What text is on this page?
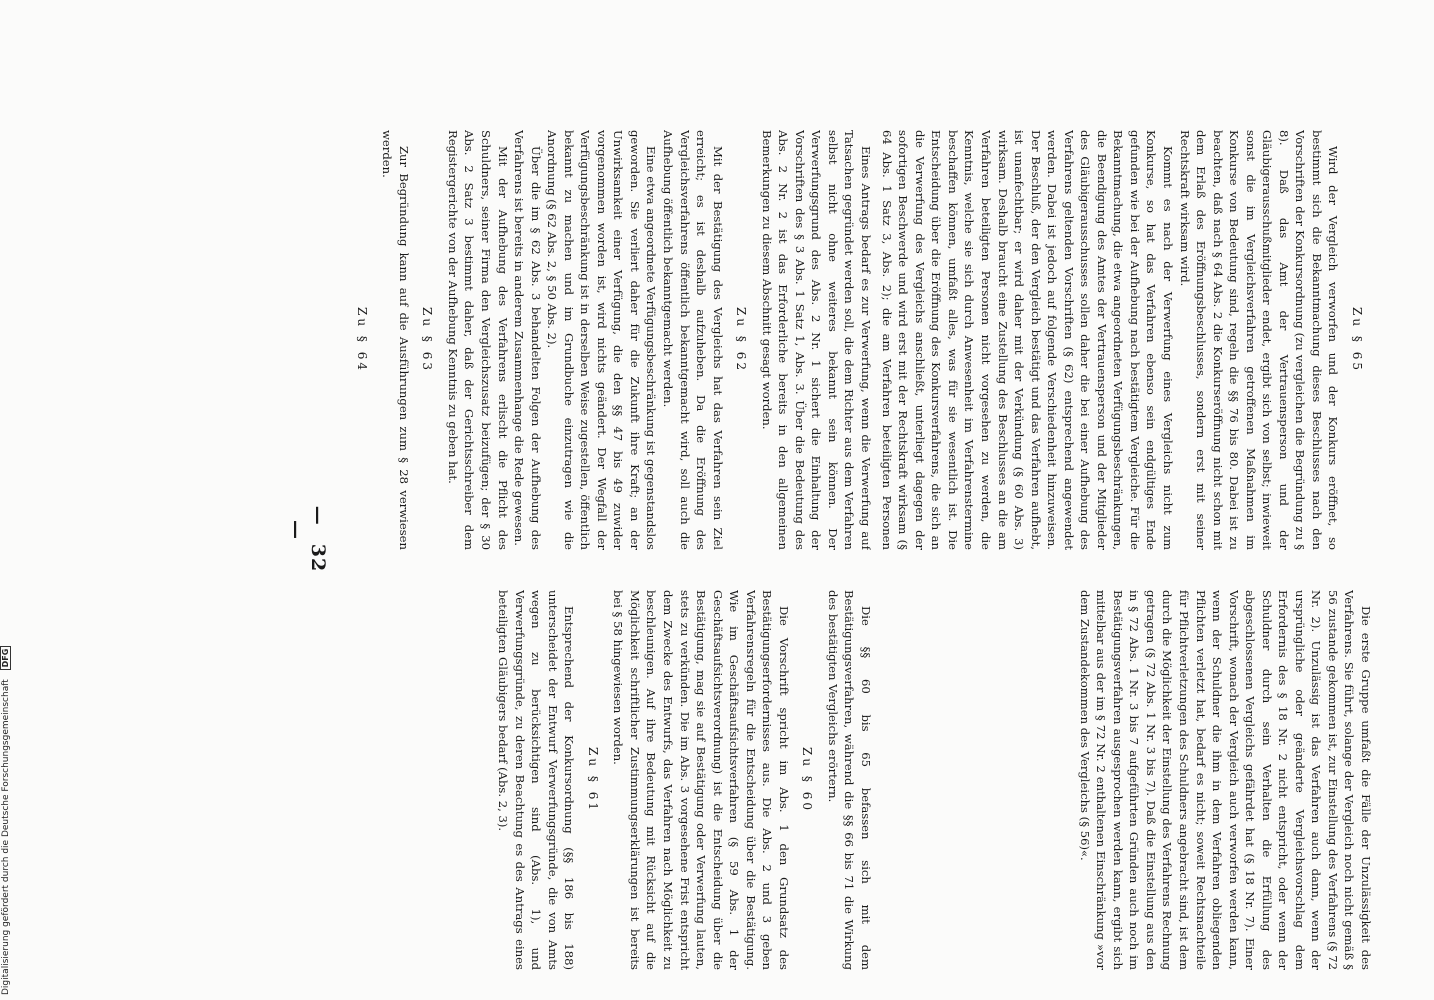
—32—

Die §§ 60 bis 65 befassen sich mit dem Bestätigungsverfahren, während die §§ 66 bis 71 die Wirkung des bestätigten Vergleichs erörtern.

Zu § 60

Die Vorschrift spricht im Abs. 1 den Grundsatz des Bestätigungserfordernisses aus. Die Abs. 2 und 3 geben Verfahrensregeln für die Entscheidung über die Bestätigung. Wie im Geschäftsaufsichtsverfahren (§ 59 Abs. 1 der Geschäftsaufsichtsverordnung) ist die Entscheidung über die Bestätigung, mag sie auf Bestätigung oder Verwerfung lauten, stets zu verkünden. Die im Abs. 3 vorgesehene Frist entspricht dem Zwecke des Entwurfs, das Verfahren nach Möglichkeit zu beschleunigen. Auf ihre Bedeutung mit Rücksicht auf die Möglichkeit schriftlicher Zustimmungserklärungen ist bereits bei § 58 hingewiesen worden.

Zu § 61

Entsprechend der Konkursordnung (§§ 186 bis 188) unterscheidet der Entwurf Verwerfungsgründe, die von Amts wegen zu berücksichtigen sind (Abs. 1), und Verwerfungsgründe, zu deren Beachtung es des Antrags eines beteiligten Gläubigers bedarf (Abs. 2, 3).	Die erste Gruppe umfaßt die Fälle der Unzulässigkeit des Verfahrens. Sie führt, solange der Vergleich noch nicht gemäß § 56 zustande gekommen ist, zur Einstellung des Verfahrens (§ 72 Nr. 2). Unzulässig ist das Verfahren auch dann, wenn der ursprüngliche oder geänderte Vergleichsvorschlag dem Erfordernis des § 18 Nr. 2 nicht entspricht, oder wenn der Schuldner durch sein Verhalten die Erfüllung des abgeschlossenen Vergleichs gefährdet hat (§ 18 Nr. 7). Einer Vorschrift, wonach der Vergleich auch verworfen werden kann, wenn der Schuldner die ihm in dem Verfahren obliegenden Pflichten verletzt hat, bedarf es nicht; soweit Rechtsnachteile für Pflichtverletzungen des Schuldners angebracht sind, ist dem durch die Möglichkeit der Einstellung des Verfahrens Rechnung getragen (§ 72 Abs. 1 Nr. 3 bis 7). Daß die Einstellung aus den in § 72 Abs. 1 Nr. 3 bis 7 aufgeführten Gründen auch noch im Bestätigungsverfahren ausgesprochen werden kann, ergibt sich mittelbar aus der im § 72 Nr. 2 enthaltenen Einschränkung »vor dem Zustandekommen des Vergleichs (§ 56)«.

Eines Antrags bedarf es zur Verwerfung, wenn die Verwerfung auf Tatsachen gegründet werden soll, die dem Richter aus dem Verfahren selbst nicht ohne weiteres bekannt sein können. Der Verwerfungsgrund des Abs. 2 Nr. 1 sichert die Einhaltung der Vorschriften des § 3 Abs. 1 Satz 1, Abs. 3. Über die Bedeutung des Abs. 2 Nr. 2 ist das Erforderliche bereits in den allgemeinen Bemerkungen zu diesem Abschnitt gesagt worden.

Zu § 62

Mit der Bestätigung des Vergleichs hat das Verfahren sein Ziel erreicht; es ist deshalb aufzuheben. Da die Eröffnung des Vergleichsverfahrens öffentlich bekanntgemacht wird, soll auch die Aufhebung öffentlich bekanntgemacht werden.

Eine etwa angeordnete Verfügungsbeschränkung ist gegenstandslos geworden. Sie verliert daher für die Zukunft ihre Kraft; an der Unwirksamkeit einer Verfügung, die den §§ 47 bis 49 zuwider vorgenommen worden ist, wird nichts geändert. Der Wegfall der Verfügungsbeschränkung ist in derselben Weise zugestellen, öffentlich bekannt zu machen und im Grundbuche einzutragen wie die Anordnung (§ 62 Abs. 2, § 50 Abs. 2).

Über die im § 62 Abs. 3 behandelten Folgen der Aufhebung des Verfahrens ist bereits in anderem Zusammenhange die Rede gewesen.

Mit der Aufhebung des Verfahrens erlischt die Pflicht des Schuldners, seiner Firma den Vergleichszusatz beizufügen; der § 30 Abs. 2 Satz 3 bestimmt daher, daß der Gerichtsschreiber dem Registergerichte von der Aufhebung Kenntnis zu geben hat.

Zu § 63

Zur Begründung kann auf die Ausführungen zum § 28 verwiesen werden.

Zu § 64	Zu § 65

Wird der Vergleich verworfen und der Konkurs eröffnet, so bestimmt sich die Bekanntmachung dieses Beschlusses nach den Vorschriften der Konkursordnung (zu vergleichen die Begründung zu § 8). Daß das Amt der Vertrauensperson und der Gläubigerausschußmitglieder endet, ergibt sich von selbst; inwieweit sonst die im Vergleichsverfahren getroffenen Maßnahmen im Konkurse von Bedeutung sind, regeln die §§ 76 bis 80. Dabei ist zu beachten, daß nach § 64 Abs. 2 die Konkurseröffnung nicht schon mit dem Erlaß des Eröffnungsbeschlusses, sondern erst mit seiner Rechtskraft wirksam wird.

Kommt es nach der Verwerfung eines Vergleichs nicht zum Konkurse, so hat das Verfahren ebenso sein endgültiges Ende gefunden wie bei der Aufhebung nach bestätigtem Vergleiche. Für die Bekanntmachung, die etwa angeordneten Verfügungsbeschränkungen, die Beendigung des Amtes der Vertrauensperson und der Mitglieder des Gläubigerausschusses sollen daher die bei einer Aufhebung des Verfahrens geltenden Vorschriften (§ 62) entsprechend angewendet werden. Dabei ist jedoch auf folgende Verschiedenheit hinzuweisen. Der Beschluß, der den Vergleich bestätigt und das Verfahren aufhebt, ist unanfechtbar; er wird daher mit der Verkündung (§ 60 Abs. 3) wirksam. Deshalb braucht eine Zustellung des Beschlusses an die am Verfahren beteiligten Personen nicht vorgesehen zu werden, die Kenntnis, welche sie sich durch Anwesenheit im Verfahrenstermine beschaffen können, umfaßt alles, was für sie wesentlich ist. Die Entscheidung über die Eröffnung des Konkursverfahrens, die sich an die Verwerfung des Vergleichs anschließt, unterliegt dagegen der sofortigen Beschwerde und wird erst mit der Rechtskraft wirksam (§ 64 Abs. 1 Satz 3, Abs. 2); die am Verfahren beteiligten Personen

Digitalisierung gefördert durch die Deutsche Forschungsgemeinschaft DFG
